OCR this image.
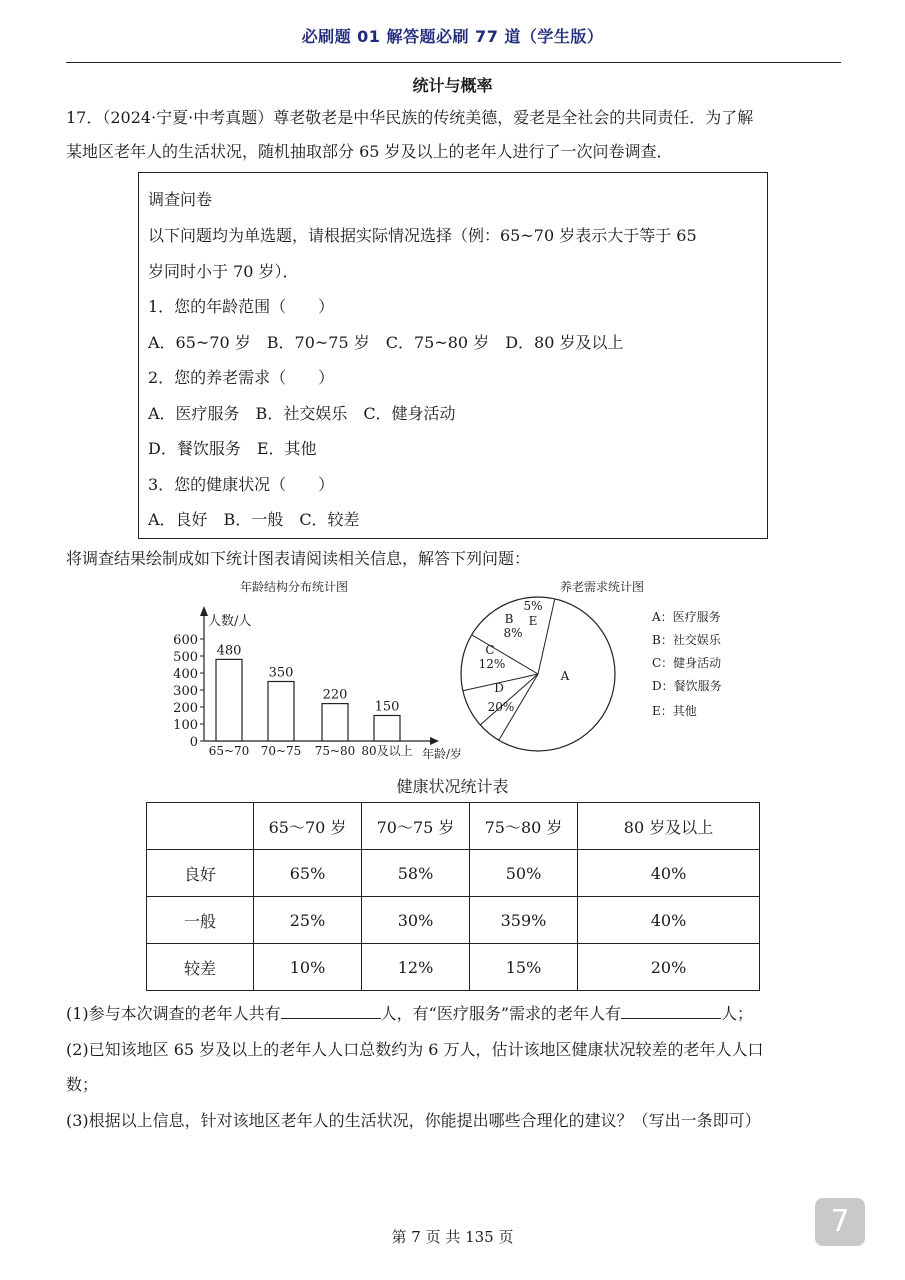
必刷题 01 解答题必刷 77 道（学生版）
统计与概率
17．（2024·宁夏·中考真题）尊老敬老是中华民族的传统美德，爱老是全社会的共同责任．为了解
某地区老年人的生活状况，随机抽取部分 65 岁及以上的老年人进行了一次问卷调查．
调查问卷
以下问题均为单选题，请根据实际情况选择（例：65~70 岁表示大于等于 65
岁同时小于 70 岁）．
1．您的年龄范围（　　）
A．65~70 岁　B．70~75 岁　C．75~80 岁　D．80 岁及以上
2．您的养老需求（　　）
A．医疗服务　B．社交娱乐　C．健身活动
D．餐饮服务　E．其他
3．您的健康状况（　　）
A．良好　B．一般　C．较差
将调查结果绘制成如下统计图表请阅读相关信息，解答下列问题：
年龄结构分布统计图
人数/人
年龄/岁
0
100
200
300
400
500
600
480
65~70
350
70~75
220
75~80
150
80及以上
养老需求统计图
A
5%
E
B
8%
C
12%
D
20%
A：医疗服务
B：社交娱乐
C：健身活动
D：餐饮服务
E：其他
健康状况统计表
	65～70 岁	70～75 岁	75～80 岁	80 岁及以上
良好	65%	58%	50%	40%
一般	25%	30%	359%	40%
较差	10%	12%	15%	20%
(1)参与本次调查的老年人共有	人，有“医疗服务”需求的老年人有	人；
(2)已知该地区 65 岁及以上的老年人人口总数约为 6 万人，估计该地区健康状况较差的老年人人口
数；
(3)根据以上信息，针对该地区老年人的生活状况，你能提出哪些合理化的建议？（写出一条即可）
第 7 页 共 135 页	7
